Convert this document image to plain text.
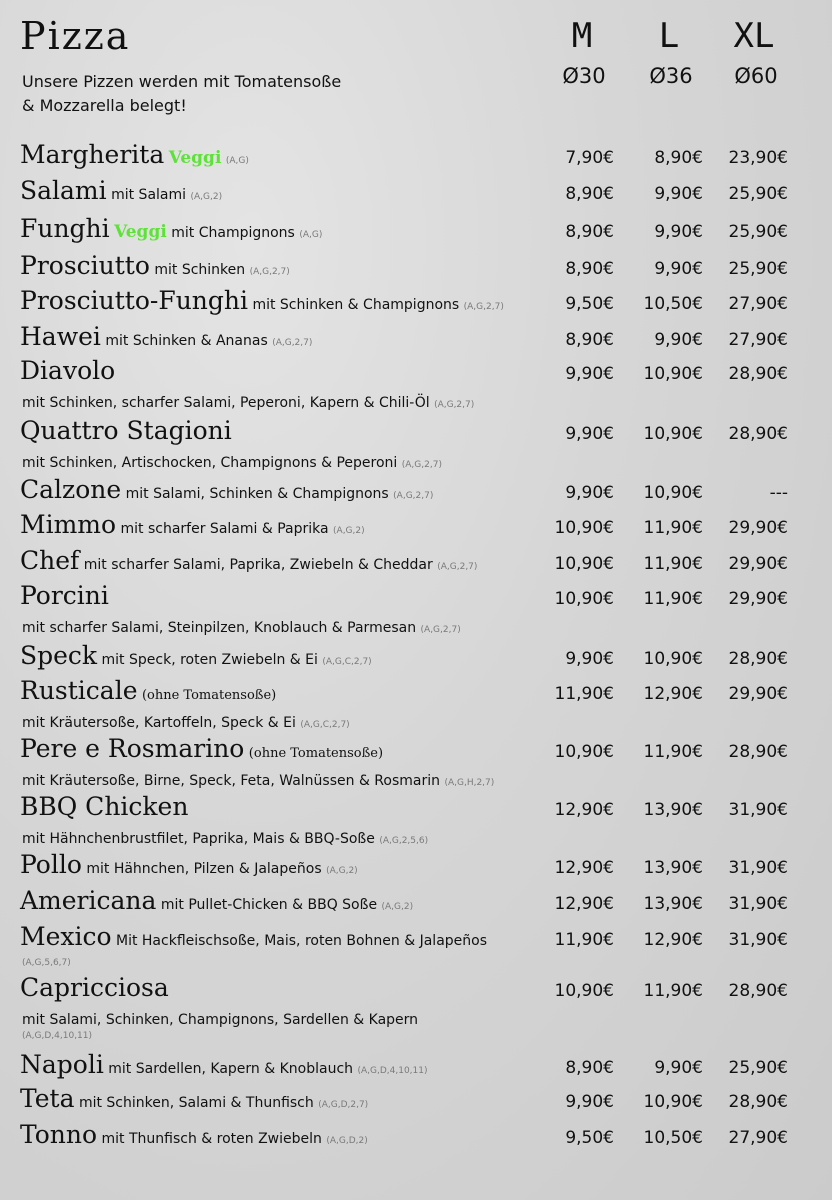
Pizza
Unsere Pizzen werden mit Tomatensoße
& Mozzarella belegt!
M	L	XL
Ø30	Ø36	Ø60
Margherita Veggi (A,G)	7,90€	8,90€	23,90€
Salami mit Salami (A,G,2)	8,90€	9,90€	25,90€
Funghi Veggi mit Champignons (A,G)	8,90€	9,90€	25,90€
Prosciutto mit Schinken (A,G,2,7)	8,90€	9,90€	25,90€
Prosciutto-Funghi mit Schinken & Champignons (A,G,2,7)	9,50€	10,50€	27,90€
Hawei mit Schinken & Ananas (A,G,2,7)	8,90€	9,90€	27,90€
Diavolo
mit Schinken, scharfer Salami, Peperoni, Kapern & Chili-Öl (A,G,2,7)
9,90€	10,90€	28,90€
Quattro Stagioni
mit Schinken, Artischocken, Champignons & Peperoni (A,G,2,7)
9,90€	10,90€	28,90€
Calzone mit Salami, Schinken & Champignons (A,G,2,7)	9,90€	10,90€	---
Mimmo mit scharfer Salami & Paprika (A,G,2)	10,90€	11,90€	29,90€
Chef mit scharfer Salami, Paprika, Zwiebeln & Cheddar (A,G,2,7)	10,90€	11,90€	29,90€
Porcini
mit scharfer Salami, Steinpilzen, Knoblauch & Parmesan (A,G,2,7)
10,90€	11,90€	29,90€
Speck mit Speck, roten Zwiebeln & Ei (A,G,C,2,7)	9,90€	10,90€	28,90€
Rusticale (ohne Tomatensoße)
mit Kräutersoße, Kartoffeln, Speck & Ei (A,G,C,2,7)
11,90€	12,90€	29,90€
Pere e Rosmarino (ohne Tomatensoße)
mit Kräutersoße, Birne, Speck, Feta, Walnüssen & Rosmarin (A,G,H,2,7)
10,90€	11,90€	28,90€
BBQ Chicken
mit Hähnchenbrustfilet, Paprika, Mais & BBQ-Soße (A,G,2,5,6)
12,90€	13,90€	31,90€
Pollo mit Hähnchen, Pilzen & Jalapeños (A,G,2)	12,90€	13,90€	31,90€
Americana mit Pullet-Chicken & BBQ Soße (A,G,2)	12,90€	13,90€	31,90€
Mexico Mit Hackfleischsoße, Mais, roten Bohnen & Jalapeños
(A,G,5,6,7)
11,90€	12,90€	31,90€
Capricciosa
mit Salami, Schinken, Champignons, Sardellen & Kapern
(A,G,D,4,10,11)
10,90€	11,90€	28,90€
Napoli mit Sardellen, Kapern & Knoblauch (A,G,D,4,10,11)	8,90€	9,90€	25,90€
Teta mit Schinken, Salami & Thunfisch (A,G,D,2,7)	9,90€	10,90€	28,90€
Tonno mit Thunfisch & roten Zwiebeln (A,G,D,2)	9,50€	10,50€	27,90€
